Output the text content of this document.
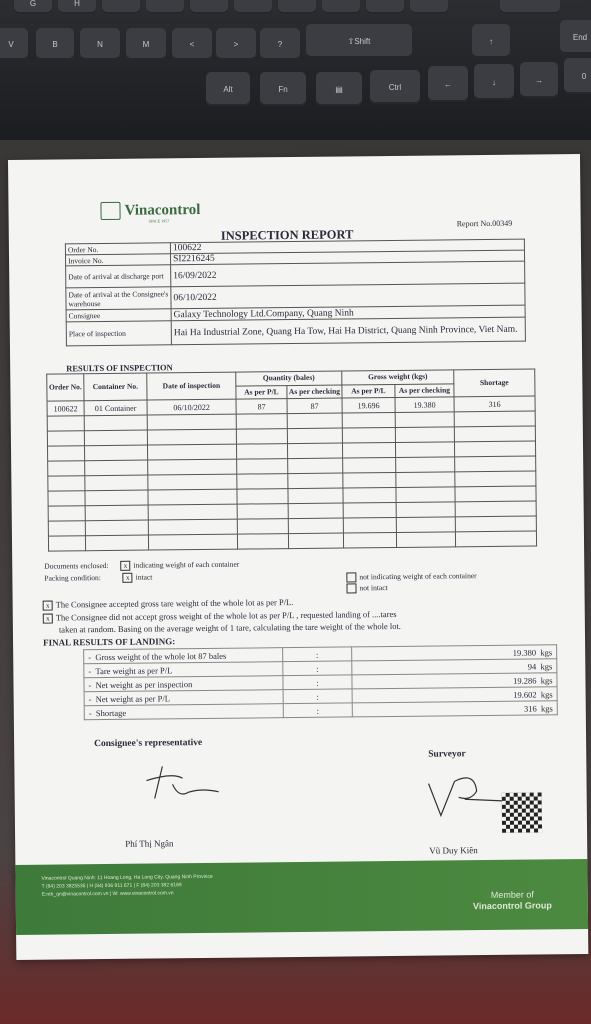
G	H
V	B	N	M	<	>	?	⇧Shift	↑	End
Alt	Fn	▤	Ctrl	←	↓	→	0
Vinacontrol
SINCE 1957
INSPECTION REPORT
Report No.00349
Order No.	100622
Invoice No.	SI2216245
Date of arrival at discharge port	16/09/2022
Date of arrival at the Consignee's warehouse	06/10/2022
Consignee	Galaxy Technology Ltd.Company, Quang Ninh
Place of inspection	Hai Ha Industrial Zone, Quang Ha Tow, Hai Ha District, Quang Ninh Province, Viet Nam.
RESULTS OF INSPECTION
Order No.	Container No.	Date of inspection	Quantity (bales)		Gross weight (kgs)		Shortage
			As per P/L	As per checking	As per P/L	As per checking	
100622	01 Container	06/10/2022	87	87	19.696	19.380	316

Documents enclosed: x indicating weight of each container
not indicating weight of each container
Packing condition:	x intact
not intact
x The Consignee accepted gross tare weight of the whole lot as per P/L.
x The Consignee did not accept gross weight of the whole lot as per P/L , requested landing of ....tares
taken at random. Basing on the average weight of 1 tare, calculating the tare weight of the whole lot.
FINAL RESULTS OF LANDING:
-  Gross weight of the whole lot 87 bales	:	19.380 kgs
-  Tare weight as per P/L	:	94 kgs
-  Net weight as per inspection	:	19.286 kgs
-  Net weight as per P/L	:	19.602 kgs
-  Shortage	:	316 kgs
Consignee's representative
Surveyor
Phí Thị Ngân
Vũ Duy Kiên
Vinacontrol Quang Ninh: 11 Hoang Long, Ha Long City, Quang Ninh Province
T (84) 203 3825535 | H (84) 936 911 671 | F (84) 203 382 6169
E:nth_qn@vinacontrol.com.vn | W: www.vinacontrol.com.vn	Member of
Vinacontrol Group
